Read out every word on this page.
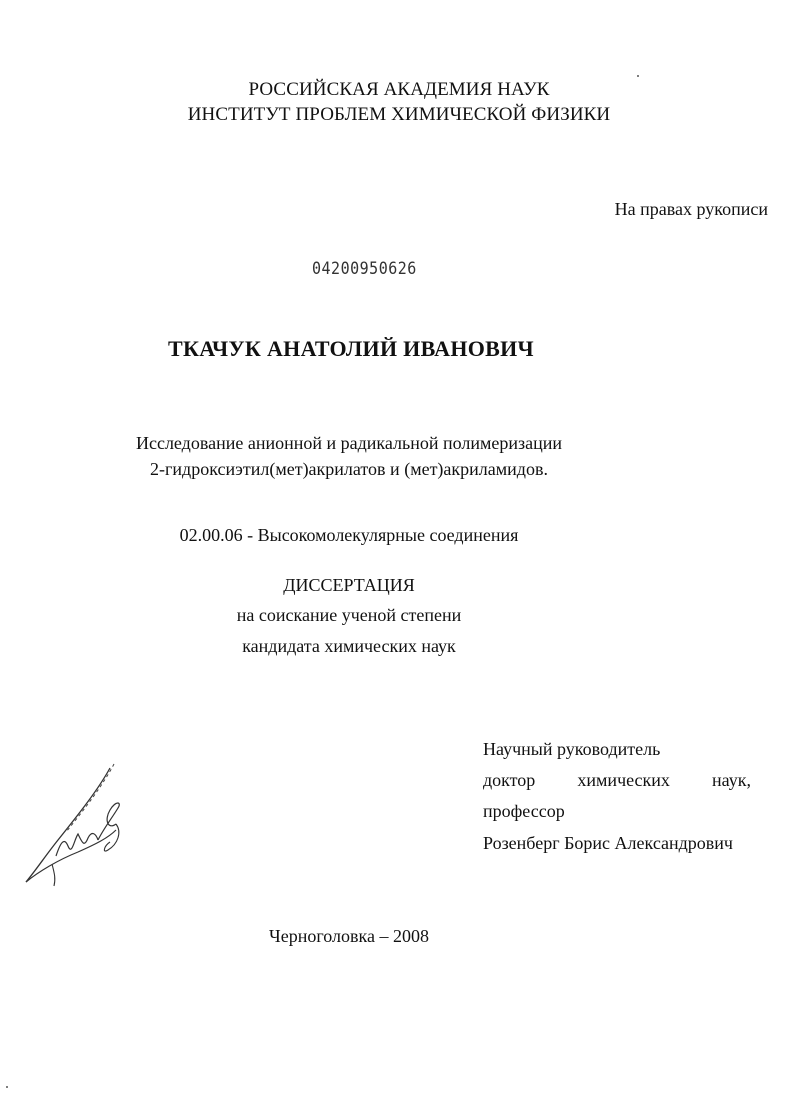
РОССИЙСКАЯ АКАДЕМИЯ НАУК
ИНСТИТУТ ПРОБЛЕМ ХИМИЧЕСКОЙ ФИЗИКИ
На правах рукописи
04200950626
ТКАЧУК АНАТОЛИЙ ИВАНОВИЧ
Исследование анионной и радикальной полимеризации
2-гидроксиэтил(мет)акрилатов и (мет)акриламидов.
02.00.06 - Высокомолекулярные соединения
ДИССЕРТАЦИЯ
на соискание ученой степени
кандидата химических наук
Научный руководитель
доктор химических наук,
профессор
Розенберг Борис Александрович
Черноголовка – 2008
